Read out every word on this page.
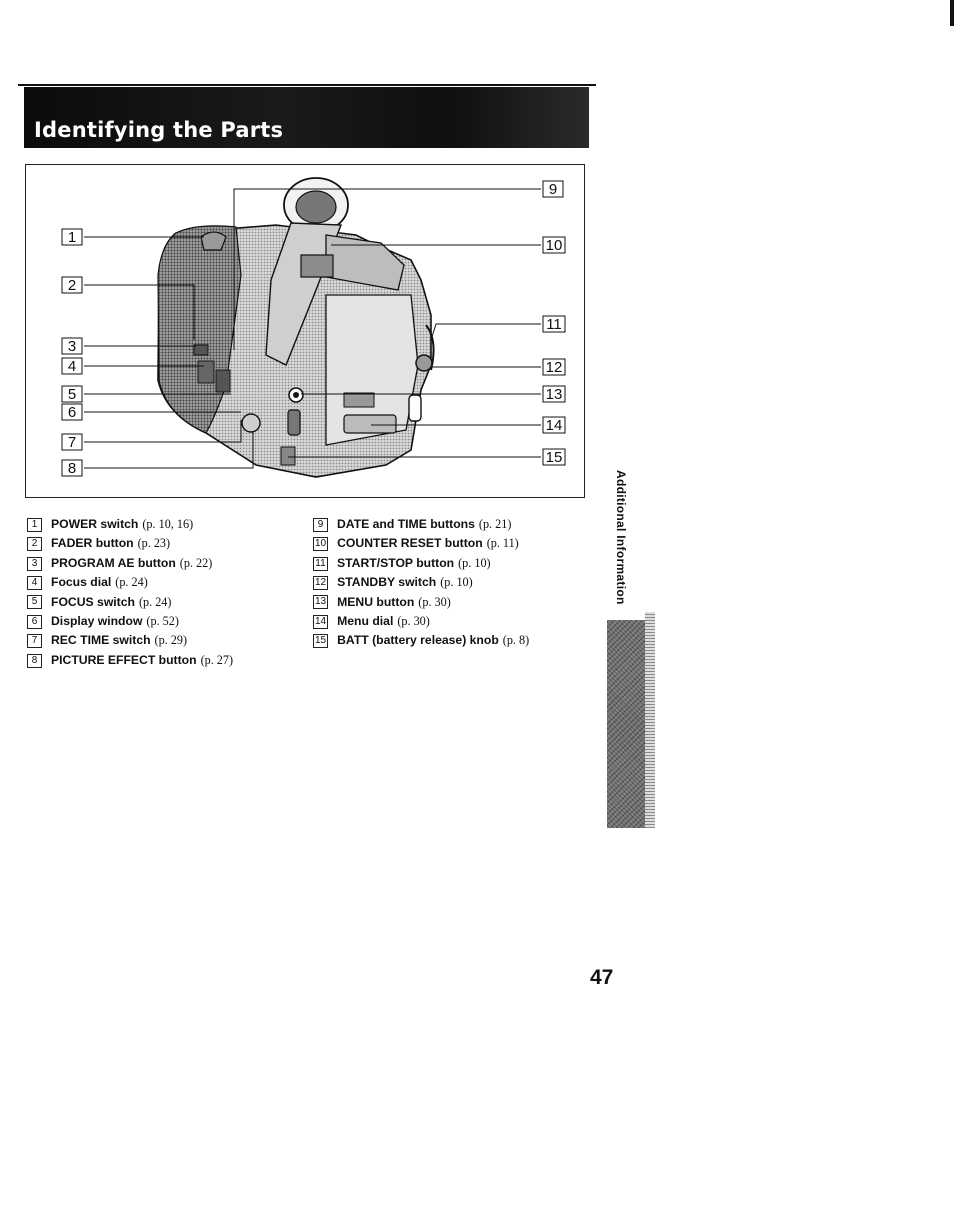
Identifying the Parts
1
2
3
4
5
6
7
8
9
10
11
12
13
14
15
1	POWER switch (p. 10, 16)
2	FADER button (p. 23)
3	PROGRAM AE button (p. 22)
4	Focus dial (p. 24)
5	FOCUS switch (p. 24)
6	Display window (p. 52)
7	REC TIME switch (p. 29)
8	PICTURE EFFECT button (p. 27)
9	DATE and TIME buttons (p. 21)
10 COUNTER RESET button (p. 11)
11 START/STOP button (p. 10)
12 STANDBY switch (p. 10)
13 MENU button (p. 30)
14 Menu dial (p. 30)
15 BATT (battery release) knob (p. 8)
Additional Information
47
